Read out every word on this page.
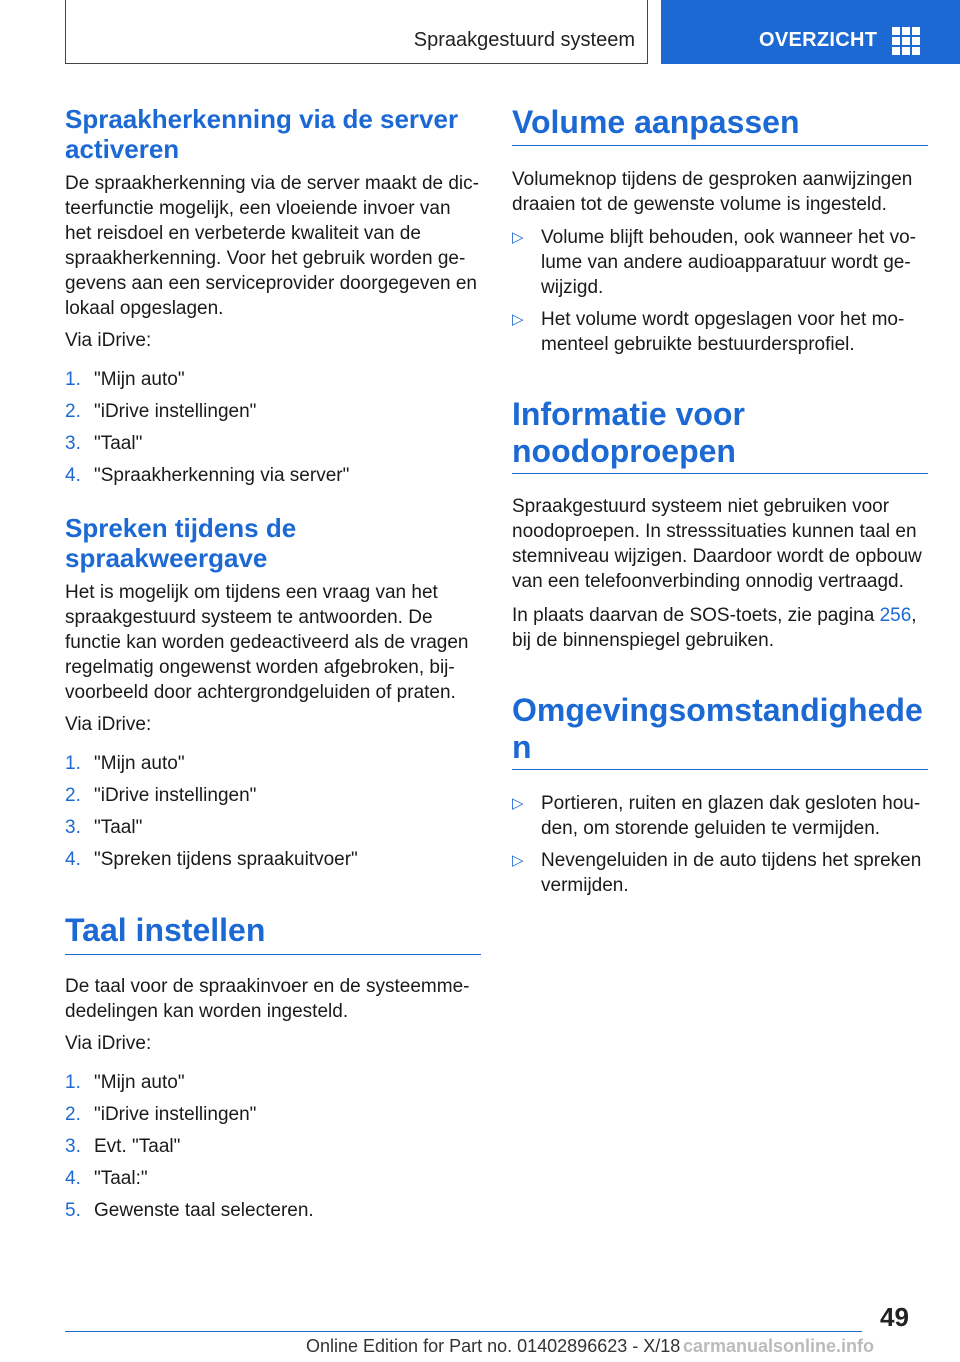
Spraakgestuurd systeem	OVERZICHT
Spraakherkenning via de server
activeren
De spraakherkenning via de server maakt de dic-
teerfunctie mogelijk, een vloeiende invoer van
het reisdoel en verbeterde kwaliteit van de
spraakherkenning. Voor het gebruik worden ge-
gevens aan een serviceprovider doorgegeven en
lokaal opgeslagen.
Via iDrive:
1. "Mijn auto"
2. "iDrive instellingen"
3. "Taal"
4. "Spraakherkenning via server"
Spreken tijdens de
spraakweergave
Het is mogelijk om tijdens een vraag van het
spraakgestuurd systeem te antwoorden. De
functie kan worden gedeactiveerd als de vragen
regelmatig ongewenst worden afgebroken, bij-
voorbeeld door achtergrondgeluiden of praten.
Via iDrive:
1. "Mijn auto"
2. "iDrive instellingen"
3. "Taal"
4. "Spreken tijdens spraakuitvoer"
Taal instellen
De taal voor de spraakinvoer en de systeemme-
dedelingen kan worden ingesteld.
Via iDrive:
1. "Mijn auto"
2. "iDrive instellingen"
3. Evt. "Taal"
4. "Taal:"
5. Gewenste taal selecteren.
Volume aanpassen
Volumeknop tijdens de gesproken aanwijzingen
draaien tot de gewenste volume is ingesteld.
▷ Volume blijft behouden, ook wanneer het vo-
lume van andere audioapparatuur wordt ge-
wijzigd.
▷ Het volume wordt opgeslagen voor het mo-
menteel gebruikte bestuurdersprofiel.
Informatie voor
noodoproepen
Spraakgestuurd systeem niet gebruiken voor
noodoproepen. In stresssituaties kunnen taal en
stemniveau wijzigen. Daardoor wordt de opbouw
van een telefoonverbinding onnodig vertraagd.
In plaats daarvan de SOS-toets, zie pagina 256,
bij de binnenspiegel gebruiken.
Omgevingsomstandighede
n
▷ Portieren, ruiten en glazen dak gesloten hou-
den, om storende geluiden te vermijden.
▷ Nevengeluiden in de auto tijdens het spreken
vermijden.
49
Online Edition for Part no. 01402896623 - X/18 carmanualsonline.info
